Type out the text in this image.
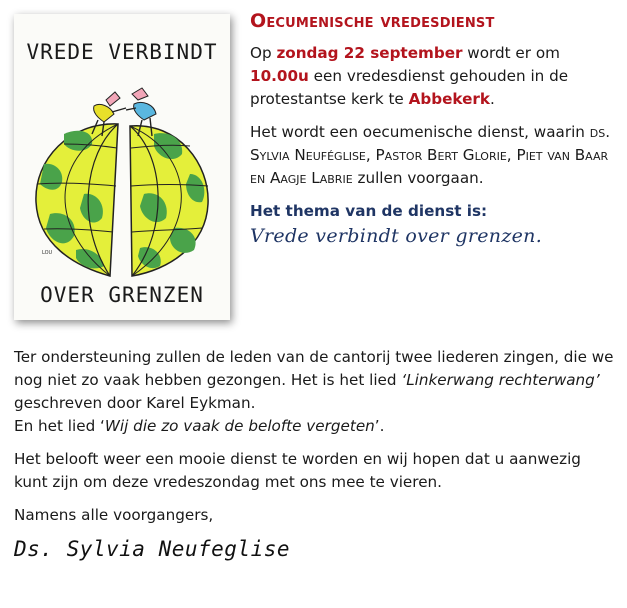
VREDE VERBINDT
LOU
OVER GRENZEN
Oecumenische vredesdienst

Op zondag 22 september wordt er om 10.00u een vredesdienst gehouden in de protestantse kerk te Abbekerk.

Het wordt een oecumenische dienst, waarin ds. Sylvia Neuféglise, Pastor Bert Glorie, Piet van Baar en Aagje Labrie zullen voorgaan.

Het thema van de dienst is:

Vrede verbindt over grenzen.

Ter ondersteuning zullen de leden van de cantorij twee liederen zingen, die we nog niet zo vaak hebben gezongen. Het is het lied ‘Linkerwang rechterwang’ geschreven door Karel Eykman.
En het lied ‘Wij die zo vaak de belofte vergeten’.

Het belooft weer een mooie dienst te worden en wij hopen dat u aanwezig kunt zijn om deze vredeszondag met ons mee te vieren.

Namens alle voorgangers,

Ds. Sylvia Neufeglise
